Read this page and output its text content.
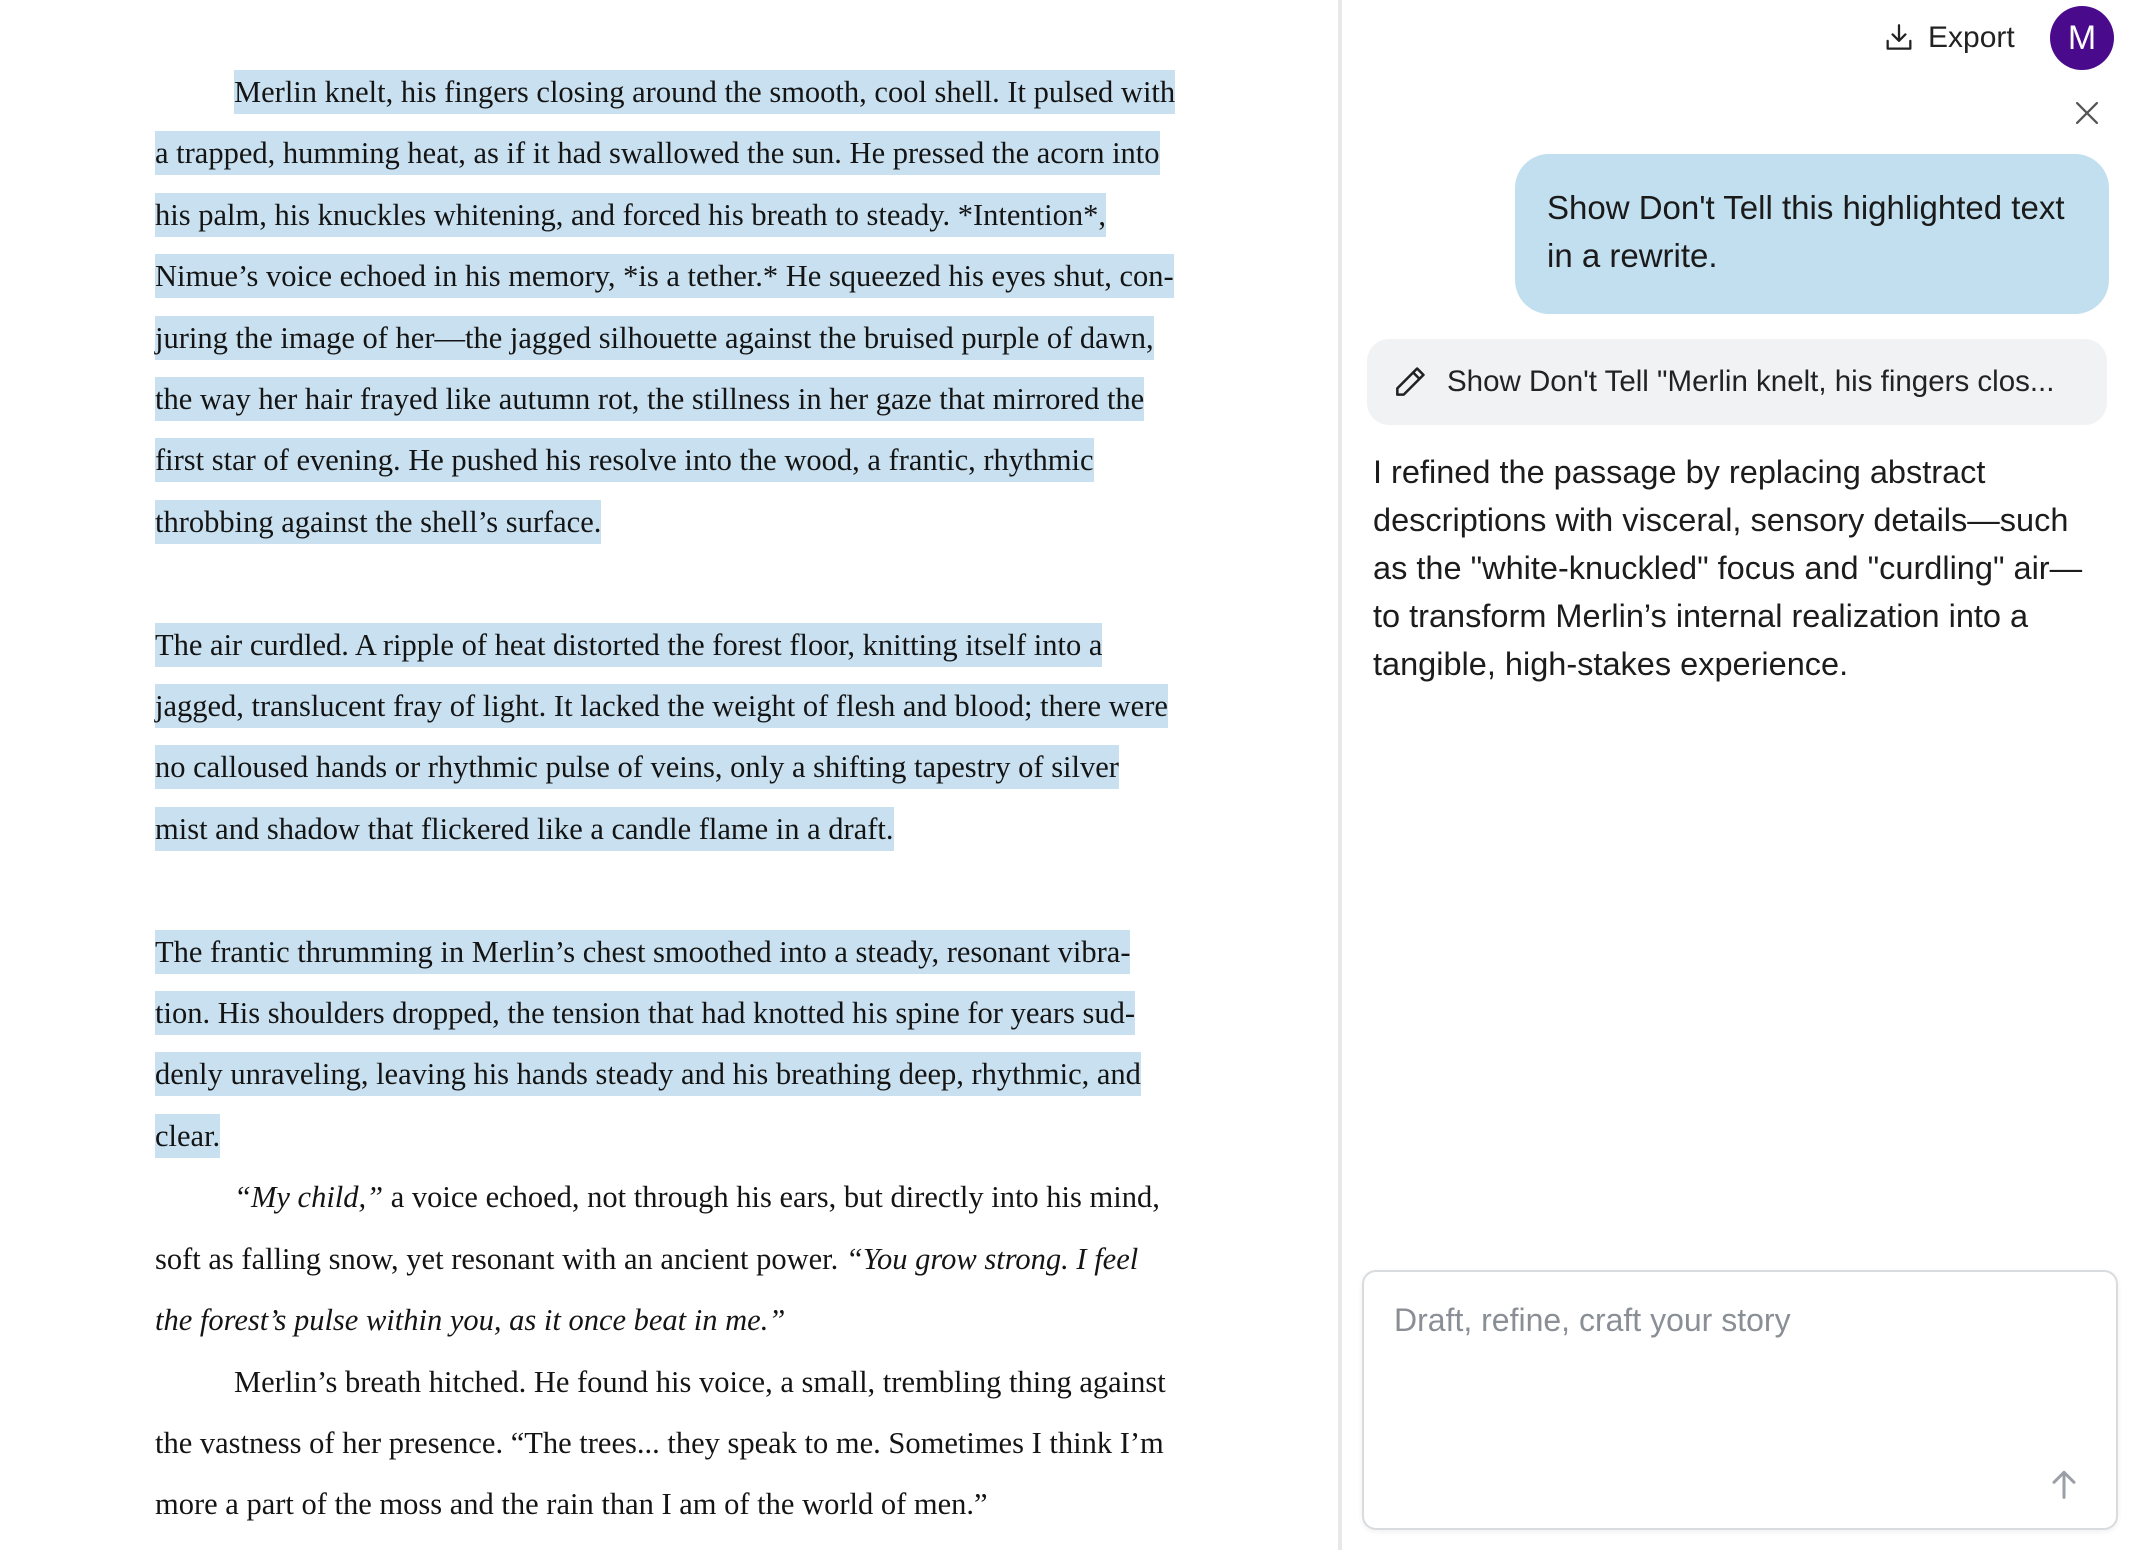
Merlin knelt, his fingers closing around the smooth, cool shell. It pulsed with

a trapped, humming heat, as if it had swallowed the sun. He pressed the acorn into
his palm, his knuckles whitening, and forced his breath to steady. *Intention*,
Nimue’s voice echoed in his memory, *is a tether.* He squeezed his eyes shut, con-
juring the image of her—the jagged silhouette against the bruised purple of dawn,
the way her hair frayed like autumn rot, the stillness in her gaze that mirrored the
first star of evening. He pushed his resolve into the wood, a frantic, rhythmic
throbbing against the shell’s surface.

The air curdled. A ripple of heat distorted the forest floor, knitting itself into a
jagged, translucent fray of light. It lacked the weight of flesh and blood; there were
no calloused hands or rhythmic pulse of veins, only a shifting tapestry of silver
mist and shadow that flickered like a candle flame in a draft.

The frantic thrumming in Merlin’s chest smoothed into a steady, resonant vibra-
tion. His shoulders dropped, the tension that had knotted his spine for years sud-
denly unraveling, leaving his hands steady and his breathing deep, rhythmic, and
clear.

“My child,” a voice echoed, not through his ears, but directly into his mind,

soft as falling snow, yet resonant with an ancient power. “You grow strong. I feel
the forest’s pulse within you, as it once beat in me.”

Merlin’s breath hitched. He found his voice, a small, trembling thing against

the vastness of her presence. “The trees... they speak to me. Sometimes I think I’m
more a part of the moss and the rain than I am of the world of men.”

Export M
Show Don't Tell this highlighted text in a rewrite.
Show Don't Tell "Merlin knelt, his fingers clos...
I refined the passage by replacing abstract descriptions with visceral, sensory details—such as the "white-knuckled" focus and "curdling" air—to transform Merlin’s internal realization into a tangible, high-stakes experience.
Draft, refine, craft your story
